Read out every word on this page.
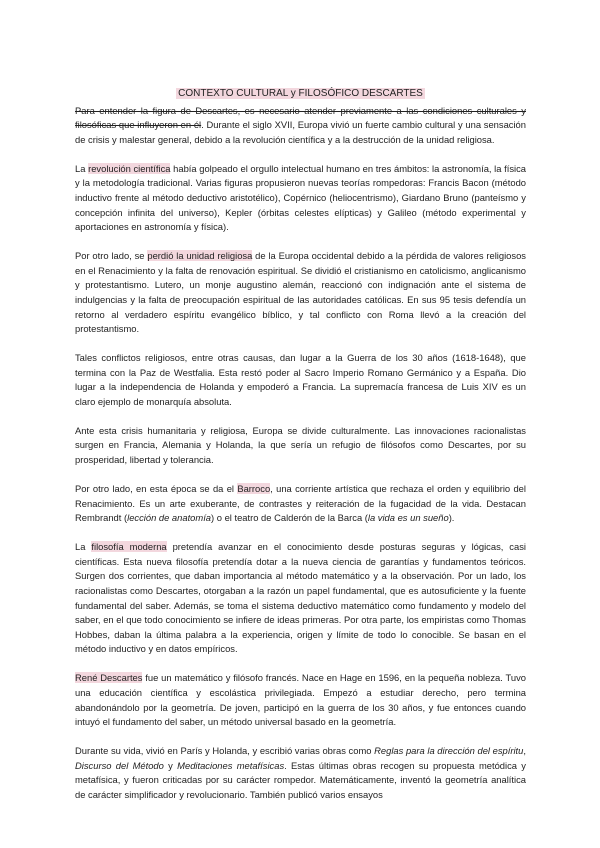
CONTEXTO CULTURAL y FILOSÓFICO DESCARTES

Para entender la figura de Descartes, es necesario atender previamente a las condiciones culturales y filosóficas que influyeron en él. Durante el siglo XVII, Europa vivió un fuerte cambio cultural y una sensación de crisis y malestar general, debido a la revolución científica y a la destrucción de la unidad religiosa.

La revolución científica había golpeado el orgullo intelectual humano en tres ámbitos: la astronomía, la física y la metodología tradicional. Varias figuras propusieron nuevas teorías rompedoras: Francis Bacon (método inductivo frente al método deductivo aristotélico), Copérnico (heliocentrismo), Giardano Bruno (panteísmo y concepción infinita del universo), Kepler (órbitas celestes elípticas) y Galileo (método experimental y aportaciones en astronomía y física).

Por otro lado, se perdió la unidad religiosa de la Europa occidental debido a la pérdida de valores religiosos en el Renacimiento y la falta de renovación espiritual. Se dividió el cristianismo en catolicismo, anglicanismo y protestantismo. Lutero, un monje augustino alemán, reaccionó con indignación ante el sistema de indulgencias y la falta de preocupación espiritual de las autoridades católicas. En sus 95 tesis defendía un retorno al verdadero espíritu evangélico bíblico, y tal conflicto con Roma llevó a la creación del protestantismo.

Tales conflictos religiosos, entre otras causas, dan lugar a la Guerra de los 30 años (1618-1648), que termina con la Paz de Westfalia. Esta restó poder al Sacro Imperio Romano Germánico y a España. Dio lugar a la independencia de Holanda y empoderó a Francia. La supremacía francesa de Luis XIV es un claro ejemplo de monarquía absoluta.

Ante esta crisis humanitaria y religiosa, Europa se divide culturalmente. Las innovaciones racionalistas surgen en Francia, Alemania y Holanda, la que sería un refugio de filósofos como Descartes, por su prosperidad, libertad y tolerancia.

Por otro lado, en esta época se da el Barroco, una corriente artística que rechaza el orden y equilibrio del Renacimiento. Es un arte exuberante, de contrastes y reiteración de la fugacidad de la vida. Destacan Rembrandt (lección de anatomía) o el teatro de Calderón de la Barca (la vida es un sueño).

La filosofía moderna pretendía avanzar en el conocimiento desde posturas seguras y lógicas, casi científicas. Esta nueva filosofía pretendía dotar a la nueva ciencia de garantías y fundamentos teóricos. Surgen dos corrientes, que daban importancia al método matemático y a la observación. Por un lado, los racionalistas como Descartes, otorgaban a la razón un papel fundamental, que es autosuficiente y la fuente fundamental del saber. Además, se toma el sistema deductivo matemático como fundamento y modelo del saber, en el que todo conocimiento se infiere de ideas primeras. Por otra parte, los empiristas como Thomas Hobbes, daban la última palabra a la experiencia, origen y límite de todo lo conocible. Se basan en el método inductivo y en datos empíricos.

René Descartes fue un matemático y filósofo francés. Nace en Hage en 1596, en la pequeña nobleza. Tuvo una educación científica y escolástica privilegiada. Empezó a estudiar derecho, pero termina abandonándolo por la geometría. De joven, participó en la guerra de los 30 años, y fue entonces cuando intuyó el fundamento del saber, un método universal basado en la geometría.

Durante su vida, vivió en París y Holanda, y escribió varias obras como Reglas para la dirección del espíritu, Discurso del Método y Meditaciones metafísicas. Estas últimas obras recogen su propuesta metódica y metafísica, y fueron criticadas por su carácter rompedor. Matemáticamente, inventó la geometría analítica de carácter simplificador y revolucionario. También publicó varios ensayos
